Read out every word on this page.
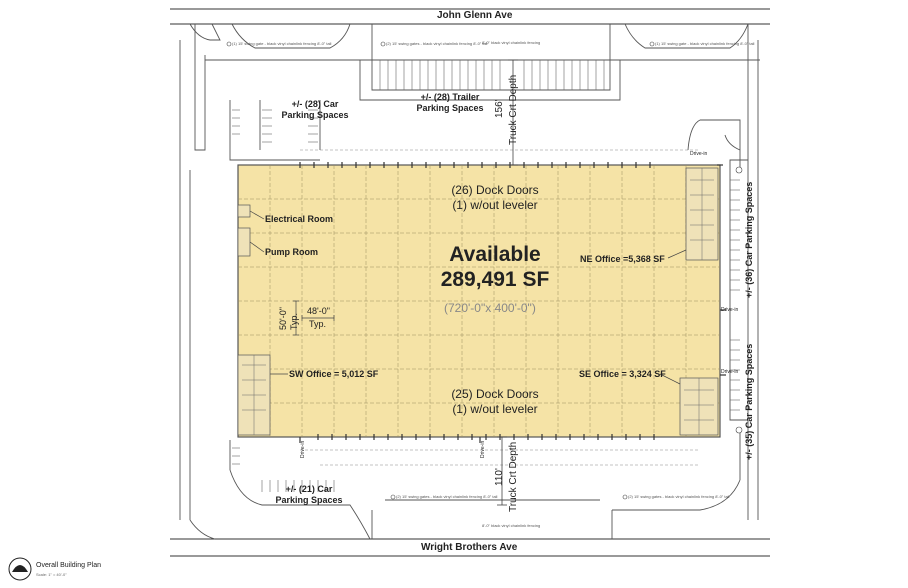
(1) 15' swing gate - black vinyl chainlink fencing 8'-0" tall	(2) 15' swing gates - black vinyl chainlink fencing 8'-0" tall
8'-0" black vinyl chainlink fencing	(1) 15' swing gate - black vinyl chainlink fencing 8'-0" tall
(2) 15' swing gates - black vinyl chainlink fencing 8'-0" tall	(2) 15' swing gates - black vinyl chainlink fencing 8'-0" tall
8'-0" black vinyl chainlink fencing
John Glenn Ave
Wright Brothers Ave
+/- (28) Car
Parking Spaces
+/- (28) Trailer
Parking Spaces
+/- (21) Car
Parking Spaces
+/- (36) Car Parking Spaces
+/- (35) Car Parking Spaces
Truck Crt Depth
156'
Truck Crt Depth
110'
(26) Dock Doors
(1) w/out leveler
(25) Dock Doors
(1) w/out leveler
Available
289,491 SF
(720'-0"x 400'-0")
Electrical Room
Pump Room
50'-0" Typ.
48'-0"
Typ.
NE Office =5,368 SF
SW Office = 5,012 SF	SE Office = 3,324 SF
Drive-in
Drive-in
Drive-in
Drive-in	Drive-in
Overall Building Plan
Scale: 1" = 40'-0"
